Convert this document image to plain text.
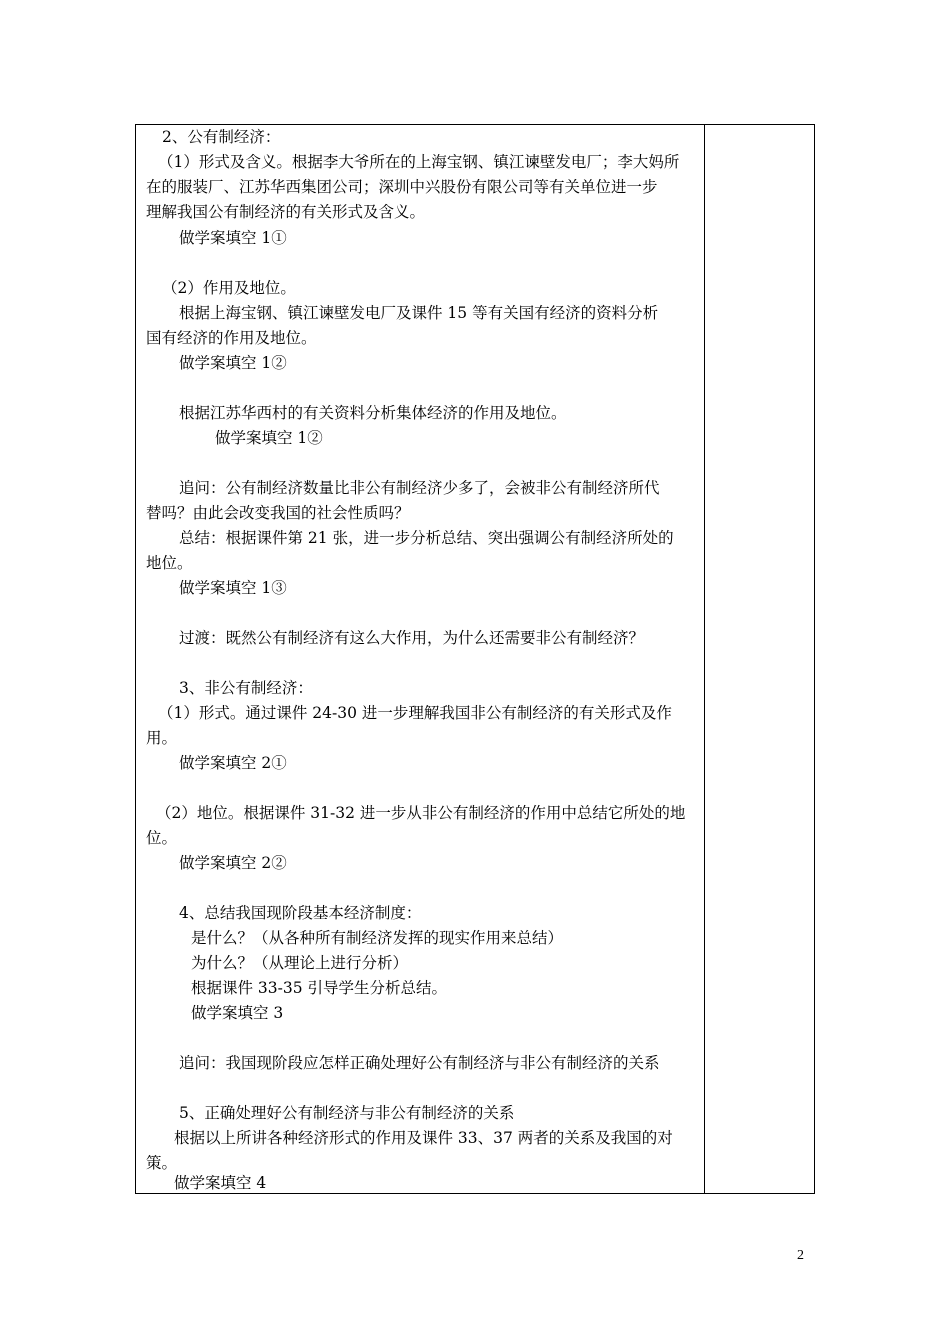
2、公有制经济：
（1）形式及含义。根据李大爷所在的上海宝钢、镇江谏壁发电厂；李大妈所
在的服装厂、江苏华西集团公司；深圳中兴股份有限公司等有关单位进一步
理解我国公有制经济的有关形式及含义。
做学案填空 1①
（2）作用及地位。
根据上海宝钢、镇江谏壁发电厂及课件 15 等有关国有经济的资料分析
国有经济的作用及地位。
做学案填空 1②
根据江苏华西村的有关资料分析集体经济的作用及地位。
做学案填空 1②
追问：公有制经济数量比非公有制经济少多了，会被非公有制经济所代
替吗？由此会改变我国的社会性质吗？
总结：根据课件第 21 张，进一步分析总结、突出强调公有制经济所处的
地位。
做学案填空 1③
过渡：既然公有制经济有这么大作用，为什么还需要非公有制经济？
3、非公有制经济：
（1）形式。通过课件 24-30 进一步理解我国非公有制经济的有关形式及作
用。
做学案填空 2①
（2）地位。根据课件 31-32 进一步从非公有制经济的作用中总结它所处的地
位。
做学案填空 2②
4、总结我国现阶段基本经济制度：
是什么？（从各种所有制经济发挥的现实作用来总结）
为什么？（从理论上进行分析）
根据课件 33-35 引导学生分析总结。
做学案填空 3
追问：我国现阶段应怎样正确处理好公有制经济与非公有制经济的关系
5、正确处理好公有制经济与非公有制经济的关系
根据以上所讲各种经济形式的作用及课件 33、37 两者的关系及我国的对
策。
做学案填空 4
2
